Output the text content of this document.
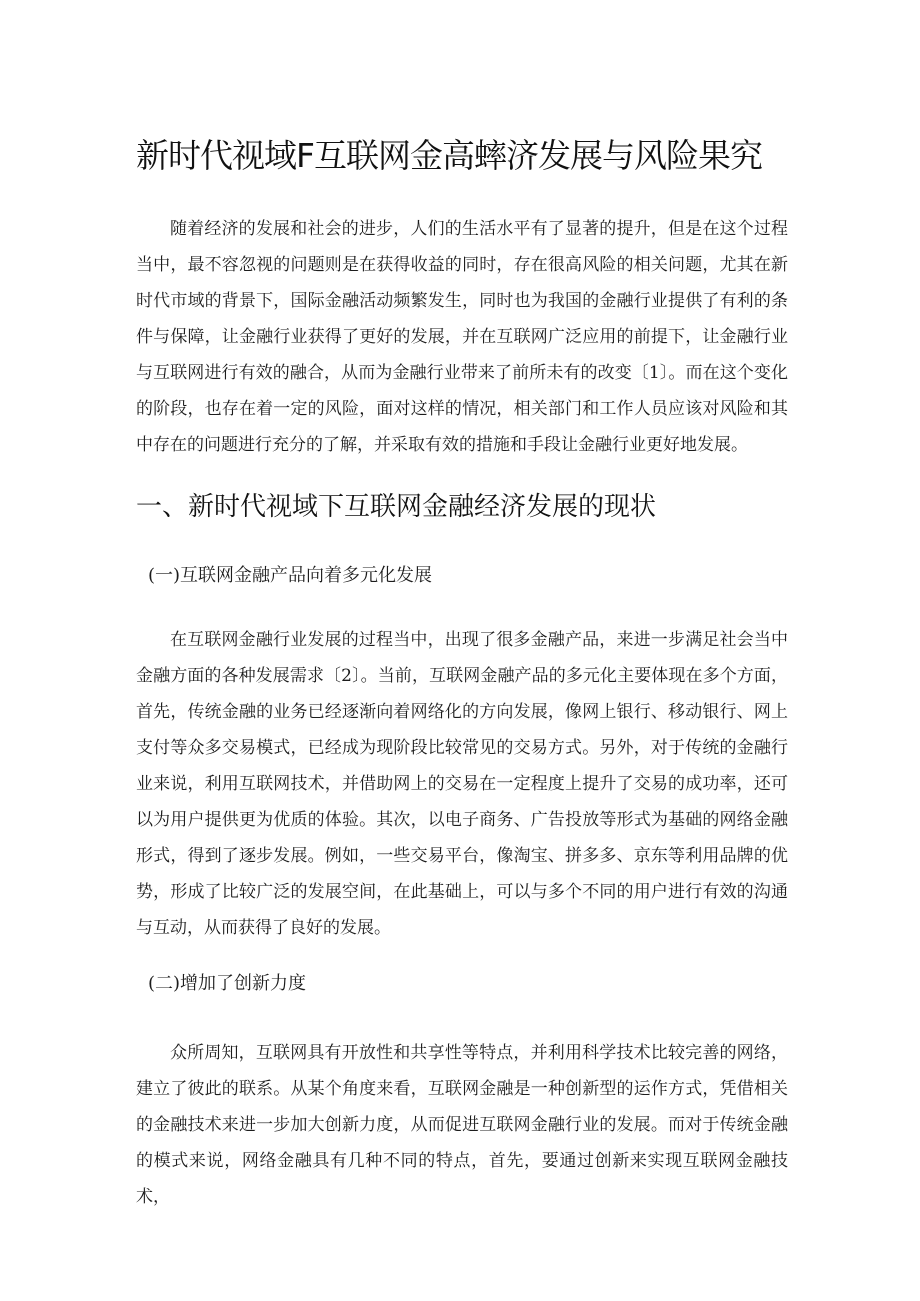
新时代视域F互联网金高蟀济发展与风险果究
随着经济的发展和社会的进步，人们的生活水平有了显著的提升，但是在这个过程当中，最不容忽视的问题则是在获得收益的同时，存在很高风险的相关问题，尤其在新时代市域的背景下，国际金融活动频繁发生，同时也为我国的金融行业提供了有利的条件与保障，让金融行业获得了更好的发展，并在互联网广泛应用的前提下，让金融行业与互联网进行有效的融合，从而为金融行业带来了前所未有的改变〔1〕。而在这个变化的阶段，也存在着一定的风险，面对这样的情况，相关部门和工作人员应该对风险和其中存在的问题进行充分的了解，并采取有效的措施和手段让金融行业更好地发展。
一、新时代视域下互联网金融经济发展的现状
(一)互联网金融产品向着多元化发展
在互联网金融行业发展的过程当中，出现了很多金融产品，来进一步满足社会当中金融方面的各种发展需求〔2〕。当前，互联网金融产品的多元化主要体现在多个方面，首先，传统金融的业务已经逐渐向着网络化的方向发展，像网上银行、移动银行、网上支付等众多交易模式，已经成为现阶段比较常见的交易方式。另外，对于传统的金融行业来说，利用互联网技术，并借助网上的交易在一定程度上提升了交易的成功率，还可以为用户提供更为优质的体验。其次，以电子商务、广告投放等形式为基础的网络金融形式，得到了逐步发展。例如，一些交易平台，像淘宝、拼多多、京东等利用品牌的优势，形成了比较广泛的发展空间，在此基础上，可以与多个不同的用户进行有效的沟通与互动，从而获得了良好的发展。
(二)增加了创新力度
众所周知，互联网具有开放性和共享性等特点，并利用科学技术比较完善的网络，建立了彼此的联系。从某个角度来看，互联网金融是一种创新型的运作方式，凭借相关的金融技术来进一步加大创新力度，从而促进互联网金融行业的发展。而对于传统金融的模式来说，网络金融具有几种不同的特点，首先，要通过创新来实现互联网金融技术，
